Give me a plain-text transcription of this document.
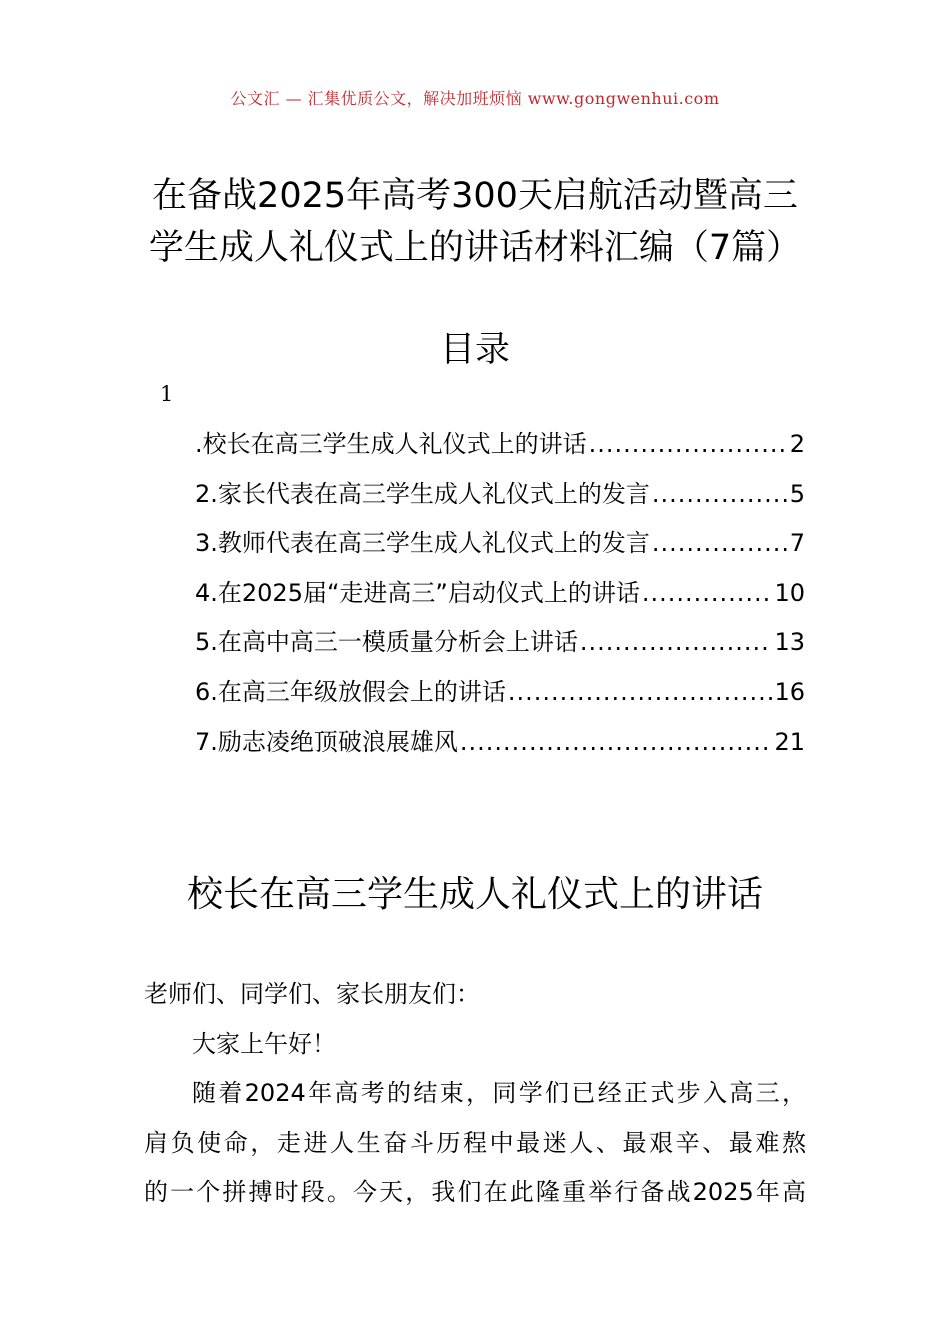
公文汇 — 汇集优质公文，解决加班烦恼 www.gongwenhui.com
在备战2025年高考300天启航活动暨高三
学生成人礼仪式上的讲话材料汇编（7篇）
目录
1
.校长在高三学生成人礼仪式上的讲话 .....	2
2.家长代表在高三学生成人礼仪式上的发言 .....	5
3.教师代表在高三学生成人礼仪式上的发言 .....	7
4.在2025届“走进高三”启动仪式上的讲话 .....	10
5.在高中高三一模质量分析会上讲话 .....	13
6.在高三年级放假会上的讲话 .....	16
7.励志凌绝顶破浪展雄风 .....	21
校长在高三学生成人礼仪式上的讲话

老师们、同学们、家长朋友们：

大家上午好！

随着2024年高考的结束，同学们已经正式步入高三，

肩负使命，走进人生奋斗历程中最迷人、最艰辛、最难熬

的一个拼搏时段。今天，我们在此隆重举行备战2025年高
